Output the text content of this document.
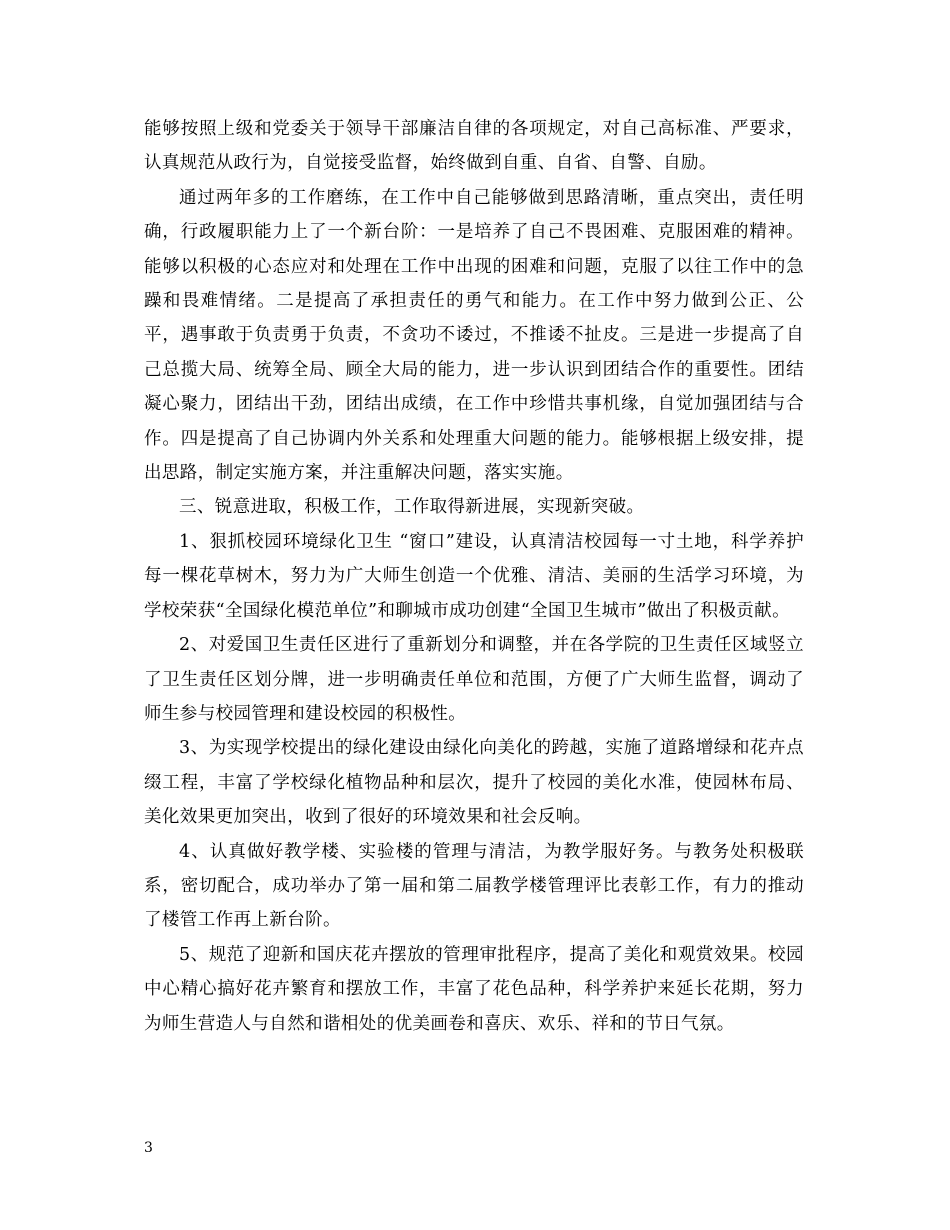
能够按照上级和党委关于领导干部廉洁自律的各项规定，对自己高标准、严要求，认真规范从政行为，自觉接受监督，始终做到自重、自省、自警、自励。

通过两年多的工作磨练，在工作中自己能够做到思路清晰，重点突出，责任明确，行政履职能力上了一个新台阶：一是培养了自己不畏困难、克服困难的精神。能够以积极的心态应对和处理在工作中出现的困难和问题，克服了以往工作中的急躁和畏难情绪。二是提高了承担责任的勇气和能力。在工作中努力做到公正、公平，遇事敢于负责勇于负责，不贪功不诿过，不推诿不扯皮。三是进一步提高了自己总揽大局、统筹全局、顾全大局的能力，进一步认识到团结合作的重要性。团结凝心聚力，团结出干劲，团结出成绩，在工作中珍惜共事机缘，自觉加强团结与合作。四是提高了自己协调内外关系和处理重大问题的能力。能够根据上级安排，提出思路，制定实施方案，并注重解决问题，落实实施。

三、锐意进取，积极工作，工作取得新进展，实现新突破。

1、狠抓校园环境绿化卫生 “窗口”建设，认真清洁校园每一寸土地，科学养护每一棵花草树木，努力为广大师生创造一个优雅、清洁、美丽的生活学习环境，为学校荣获“全国绿化模范单位”和聊城市成功创建“全国卫生城市”做出了积极贡献。

2、对爱国卫生责任区进行了重新划分和调整，并在各学院的卫生责任区域竖立了卫生责任区划分牌，进一步明确责任单位和范围，方便了广大师生监督，调动了师生参与校园管理和建设校园的积极性。

3、为实现学校提出的绿化建设由绿化向美化的跨越，实施了道路增绿和花卉点缀工程，丰富了学校绿化植物品种和层次，提升了校园的美化水准，使园林布局、美化效果更加突出，收到了很好的环境效果和社会反响。

4、认真做好教学楼、实验楼的管理与清洁，为教学服好务。与教务处积极联系，密切配合，成功举办了第一届和第二届教学楼管理评比表彰工作，有力的推动了楼管工作再上新台阶。

5、规范了迎新和国庆花卉摆放的管理审批程序，提高了美化和观赏效果。校园中心精心搞好花卉繁育和摆放工作，丰富了花色品种，科学养护来延长花期，努力为师生营造人与自然和谐相处的优美画卷和喜庆、欢乐、祥和的节日气氛。

3
